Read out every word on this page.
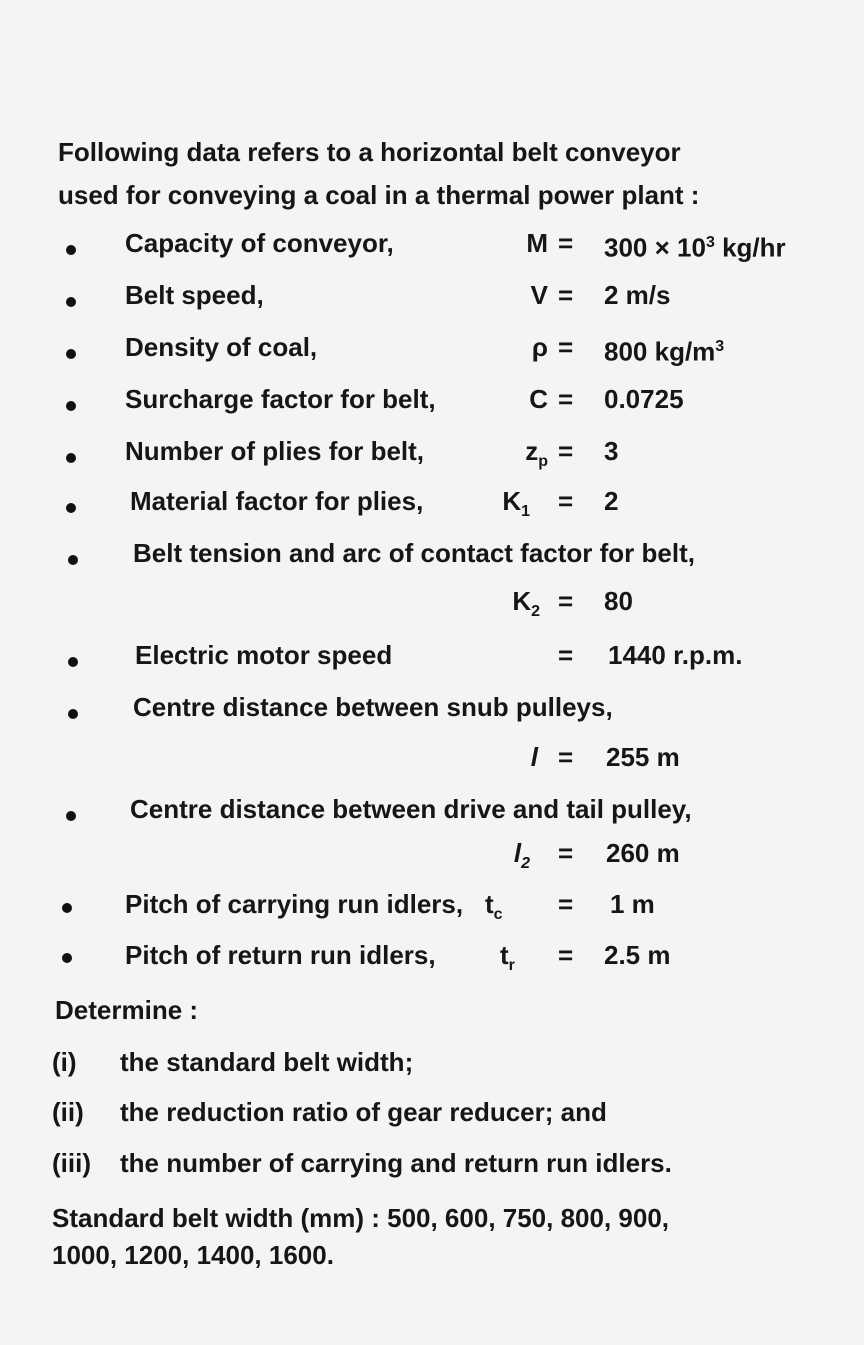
Following data refers to a horizontal belt conveyor
used for conveying a coal in a thermal power plant :
Capacity of conveyor,	$M = 300 \times 10^3$ kg/hr
Belt speed,	V = 2 m/s
Density of coal,	ρ = 800 $kg/m^3$
Surcharge factor for belt,	C = 0.0725
Number of plies for belt,	$z_p = 3$
Material factor for plies,	$K_1 = 2$
Belt tension and arc of contact factor for belt,
$K_2 = 80$
Electric motor speed	= 1440 r.p.m.
Centre distance between snub pulleys,
l = 255 m
Centre distance between drive and tail pulley,
$l_2 = 260$ m
Pitch of carrying run idlers, $t_c = 1$ m
Pitch of return run idlers, $t_r = 2.5$ m
Determine :
(i) the standard belt width;
(ii) the reduction ratio of gear reducer; and
(iii) the number of carrying and return run idlers.
Standard belt width (mm) : 500, 600, 750, 800, 900,
1000, 1200, 1400, 1600.
